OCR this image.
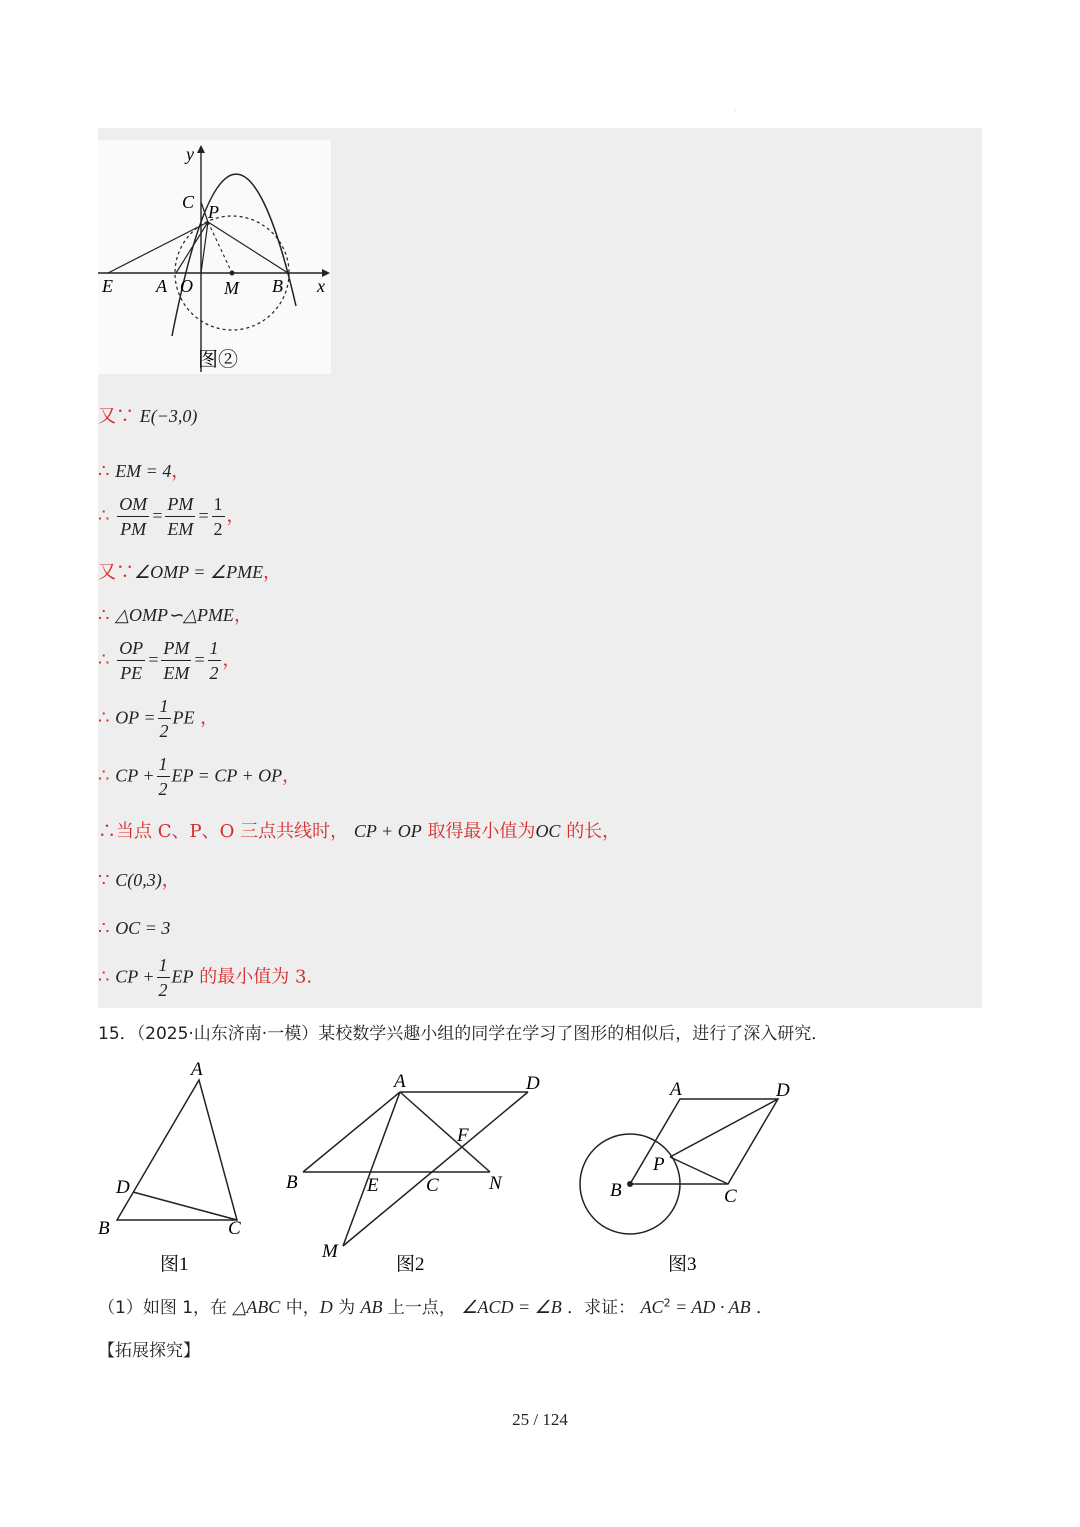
·
y
x
C P
E A O M B
图②
又∵ E(−3,0)
∴ EM = 4，
∴ $\frac{OM}{PM} = \frac{PM}{EM} = \frac{1}{2}$ ，
又∵∠OMP = ∠PME，
∴ △OMP∽△PME，
∴ $\frac{OP}{PE} = \frac{PM}{EM} = \frac{1}{2}$ ，
∴ OP = $\frac{1}{2}$ PE ，
∴ CP + $\frac{1}{2}$ EP = CP + OP，
∴当点 C、P、O 三点共线时， CP + OP 取得最小值为OC 的长，
∵ C(0,3)，
∴ OC = 3
∴ CP + $\frac{1}{2}$ EP 的最小值为 3.
15．（2025·山东济南·一模）某校数学兴趣小组的同学在学习了图形的相似后，进行了深入研究．
A
D
B	C
图1
A	D
F
B	E C	N
M
图2
A	D
P
B	C
图3
（1）如图 1，在 △ABC 中，D 为 AB 上一点， ∠ACD = ∠B ．求证： $AC^2$ = AD · AB ．
【拓展探究】
25 / 124
